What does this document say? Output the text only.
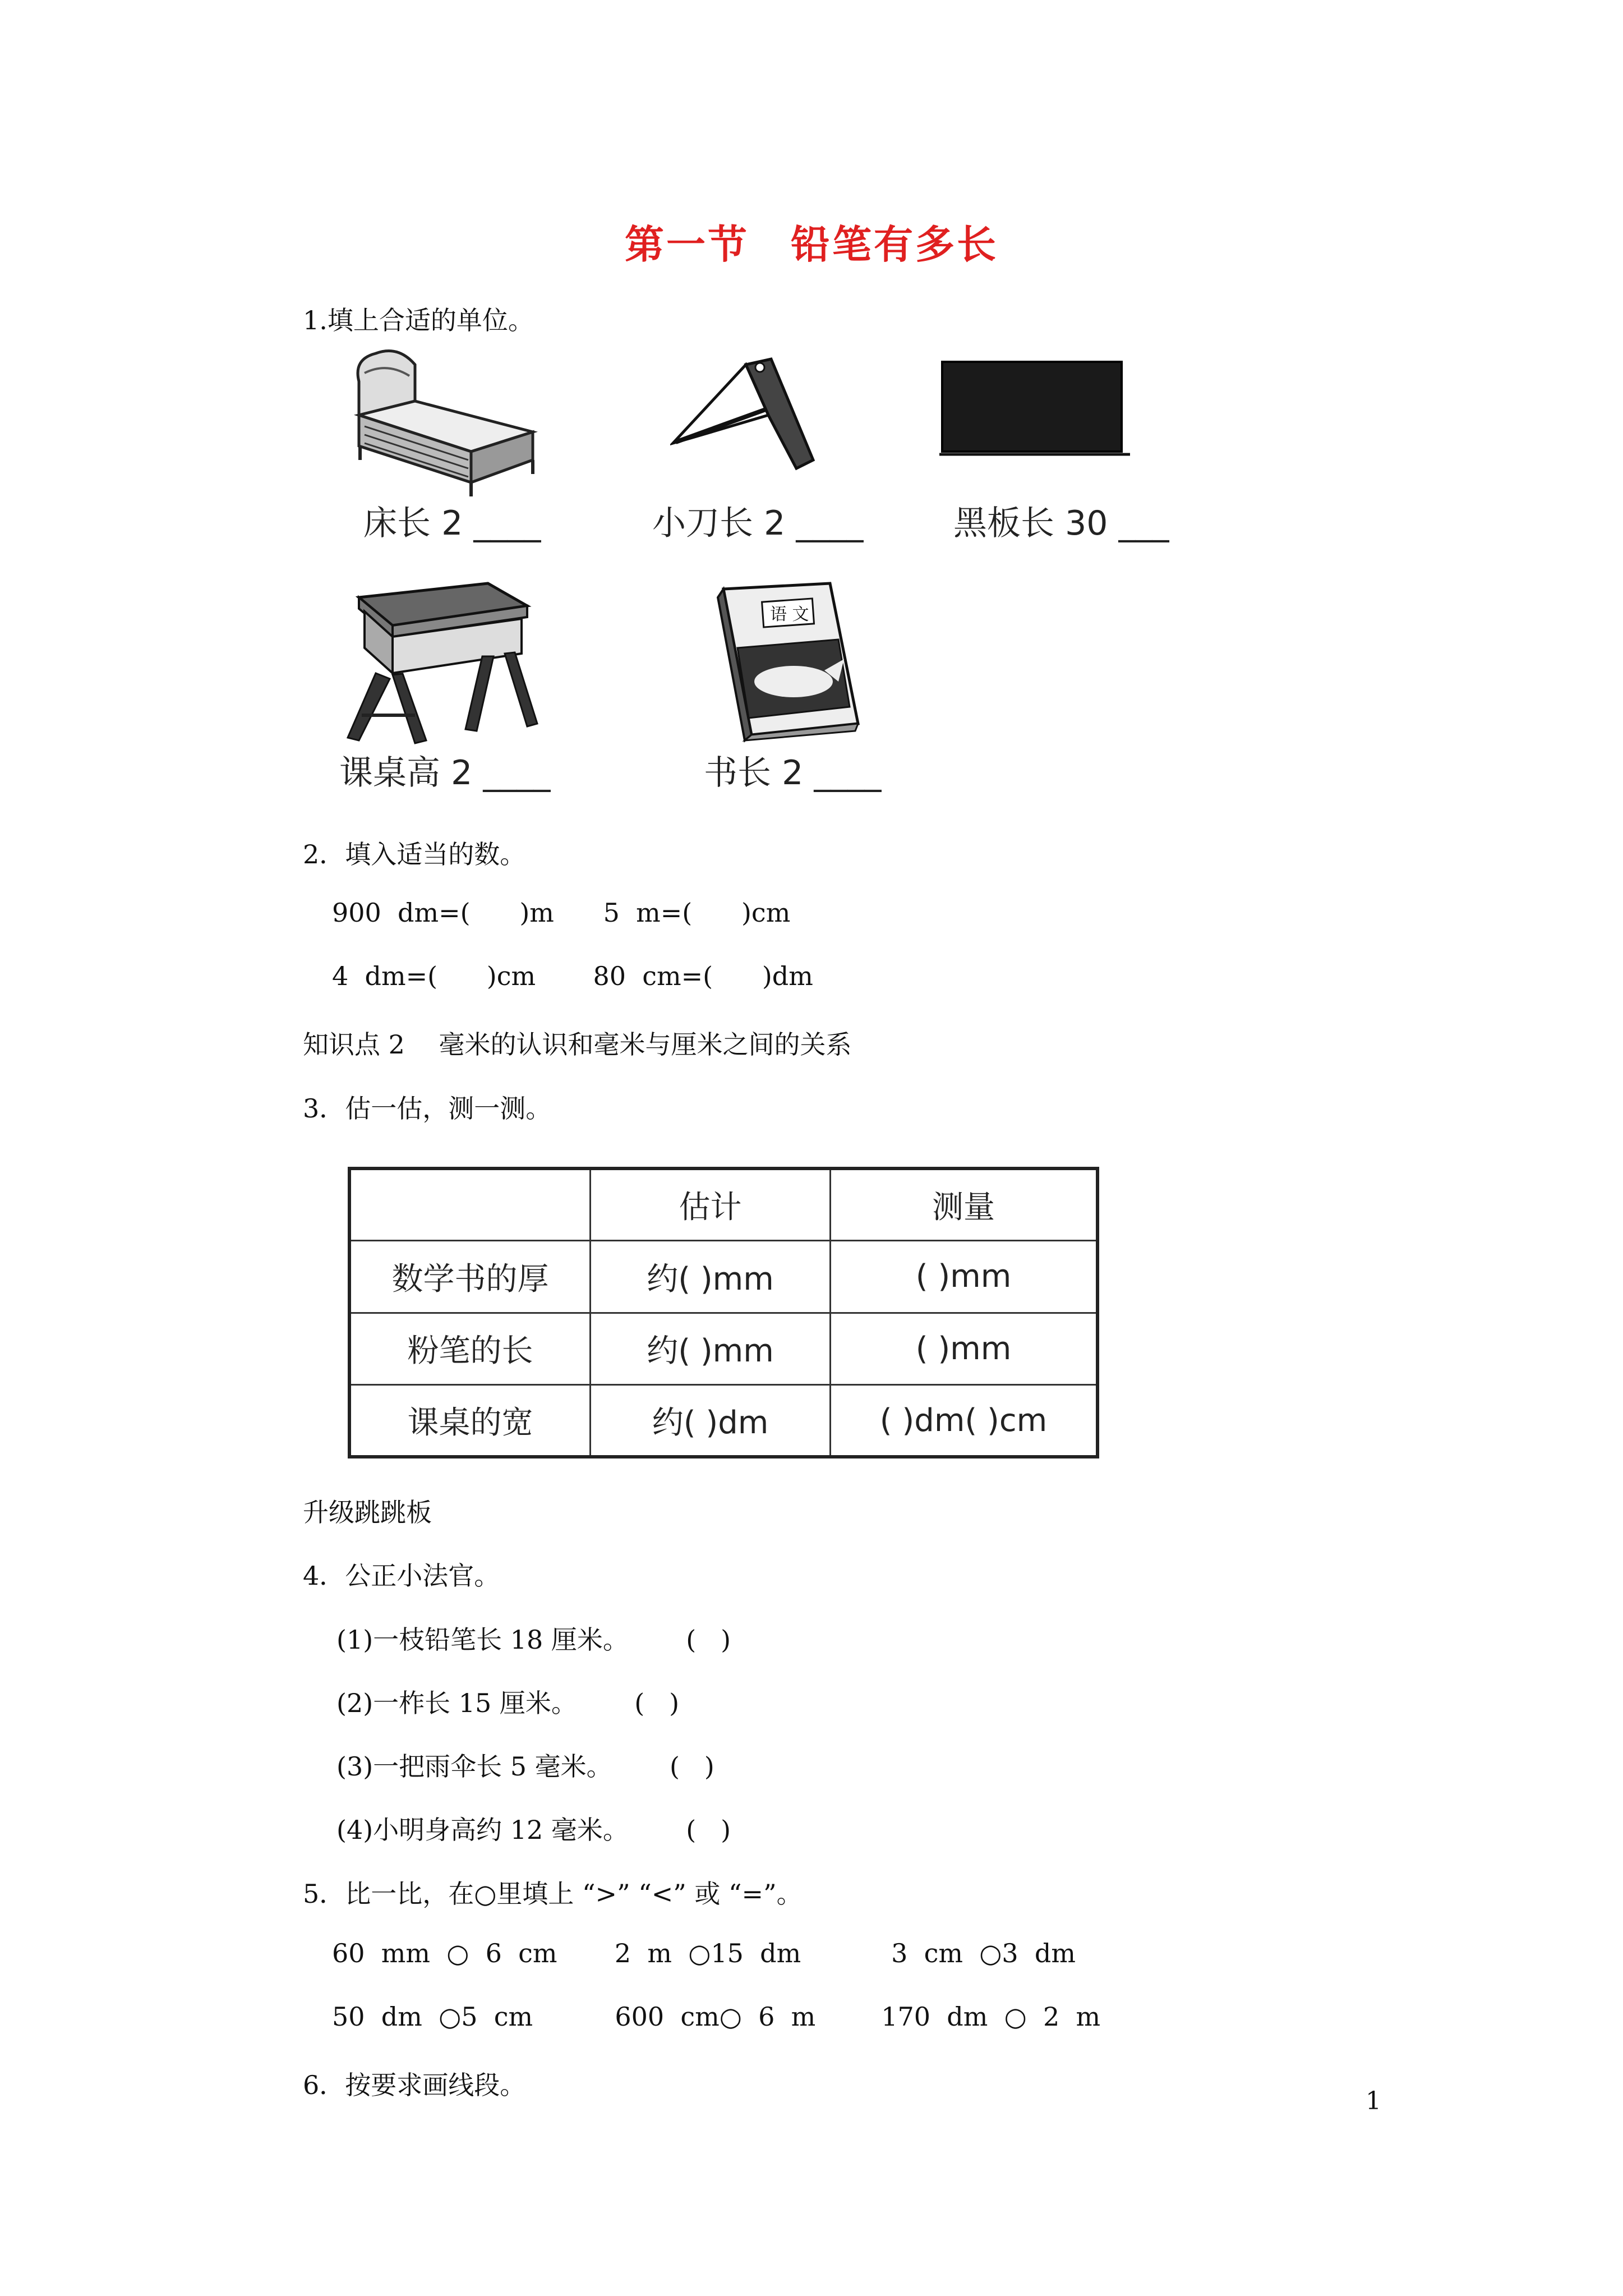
第一节　铅笔有多长
1.填上合适的单位。
床长 2 ____	小刀长 2 ____	黑板长 30 ___
课桌高 2 ____
语 文
书长 2 ____
2．填入适当的数。
900  dm=(      )m      5  m=(      )cm
4  dm=(      )cm       80  cm=(      )dm
知识点 2　 毫米的认识和毫米与厘米之间的关系
3．估一估，测一测。
	估计	测量
数学书的厚	约( )mm	( )mm
粉笔的长	约( )mm	( )mm
课桌的宽	约( )dm	( )dm( )cm
升级跳跳板
4．公正小法官。
(1)一枝铅笔长 18 厘米。       (   )
(2)一柞长 15 厘米。       (   )
(3)一把雨伞长 5 毫米。       (   )
(4)小明身高约 12 毫米。       (   )
5．比一比，在○里填上 “>” “<” 或 “=”。
60  mm  ○  6  cm       2  m  ○15  dm           3  cm  ○3  dm
50  dm  ○5  cm          600  cm○  6  m        170  dm  ○  2  m
6．按要求画线段。
1
